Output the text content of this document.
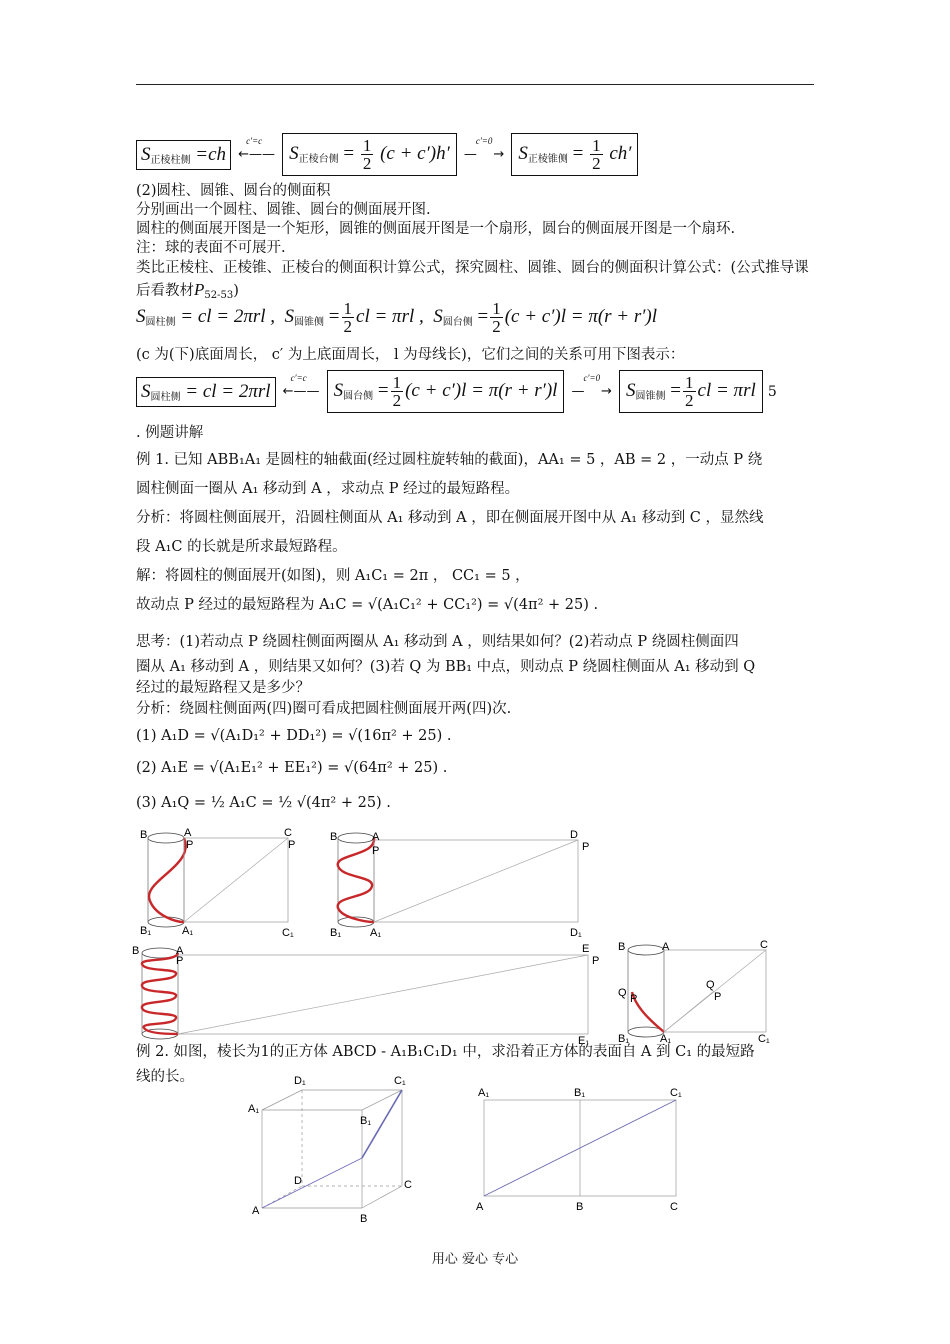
$S_{正棱柱侧} =ch$ ←—
c′=c
— $S_{正棱台侧} = \frac{1}{2} (c + c')h'$ —    →
c′=0
$S_{正棱锥侧} = \frac{1}{2} ch'$
(2)圆柱、圆锥、圆台的侧面积
分别画出一个圆柱、圆锥、圆台的侧面展开图.
圆柱的侧面展开图是一个矩形，圆锥的侧面展开图是一个扇形，圆台的侧面展开图是一个扇环.
注：球的表面不可展开.
类比正棱柱、正棱锥、正棱台的侧面积计算公式，探究圆柱、圆锥、圆台的侧面积计算公式：(公式推导课后看教材$P_{52-53}$)
$S_{圆柱侧}$ = cl = 2πrl , $S_{圆锥侧} = \frac{1}{2}$ cl = πrl , $S_{圆台侧} = \frac{1}{2} (c + c')l = \pi(r + r')l$
(c 为(下)底面周长， c′ 为上底面周长， l 为母线长)，它们之间的关系可用下图表示：
$S_{圆柱侧}$ = cl = 2πrl ←—
c′=c
— $S_{圆台侧} = \frac{1}{2} (c + c')l = \pi(r + r')l$ —    →
c′=0
$S_{圆锥侧} = \frac{1}{2}$ cl = πrl 5
. 例题讲解
例 1. 已知 ABB₁A₁ 是圆柱的轴截面(经过圆柱旋转轴的截面)，AA₁ = 5 ，AB = 2 ，一动点 P 绕
圆柱侧面一圈从 A₁ 移动到 A ，求动点 P 经过的最短路程。
分析：将圆柱侧面展开，沿圆柱侧面从 A₁ 移动到 A ，即在侧面展开图中从 A₁ 移动到 C ，显然线
段 A₁C 的长就是所求最短路程。
解：将圆柱的侧面展开(如图)，则 A₁C₁ = 2π ， CC₁ = 5 ，
故动点 P 经过的最短路程为 A₁C = √(A₁C₁² + CC₁²) = √(4π² + 25) .
思考：(1)若动点 P 绕圆柱侧面两圈从 A₁ 移动到 A ，则结果如何？(2)若动点 P 绕圆柱侧面四
圈从 A₁ 移动到 A ，则结果又如何？(3)若 Q 为 BB₁ 中点，则动点 P 绕圆柱侧面从 A₁ 移动到 Q
经过的最短路程又是多少？
分析：绕圆柱侧面两(四)圈可看成把圆柱侧面展开两(四)次.
(1) A₁D = √(A₁D₁² + DD₁²) = √(16π² + 25) .
(2) A₁E = √(A₁E₁² + EE₁²) = √(64π² + 25) .
(3) A₁Q = ½ A₁C = ½ √(4π² + 25) .
B	A
P
C
P
B₁	A₁	C₁
B	A
P
D
P
B₁	A₁	D₁
B	A
P
E
P
E₁
B	A	C
Q P
Q
P
B₁	A₁	C₁
例 2. 如图，棱长为1的正方体 ABCD - A₁B₁C₁D₁ 中，求沿着正方体的表面自 A 到 C₁ 的最短路
线的长。	D₁	C₁
A₁
B₁
D	C
A
B
A₁	B₁	C₁
A	B	C
用心 爱心 专心
